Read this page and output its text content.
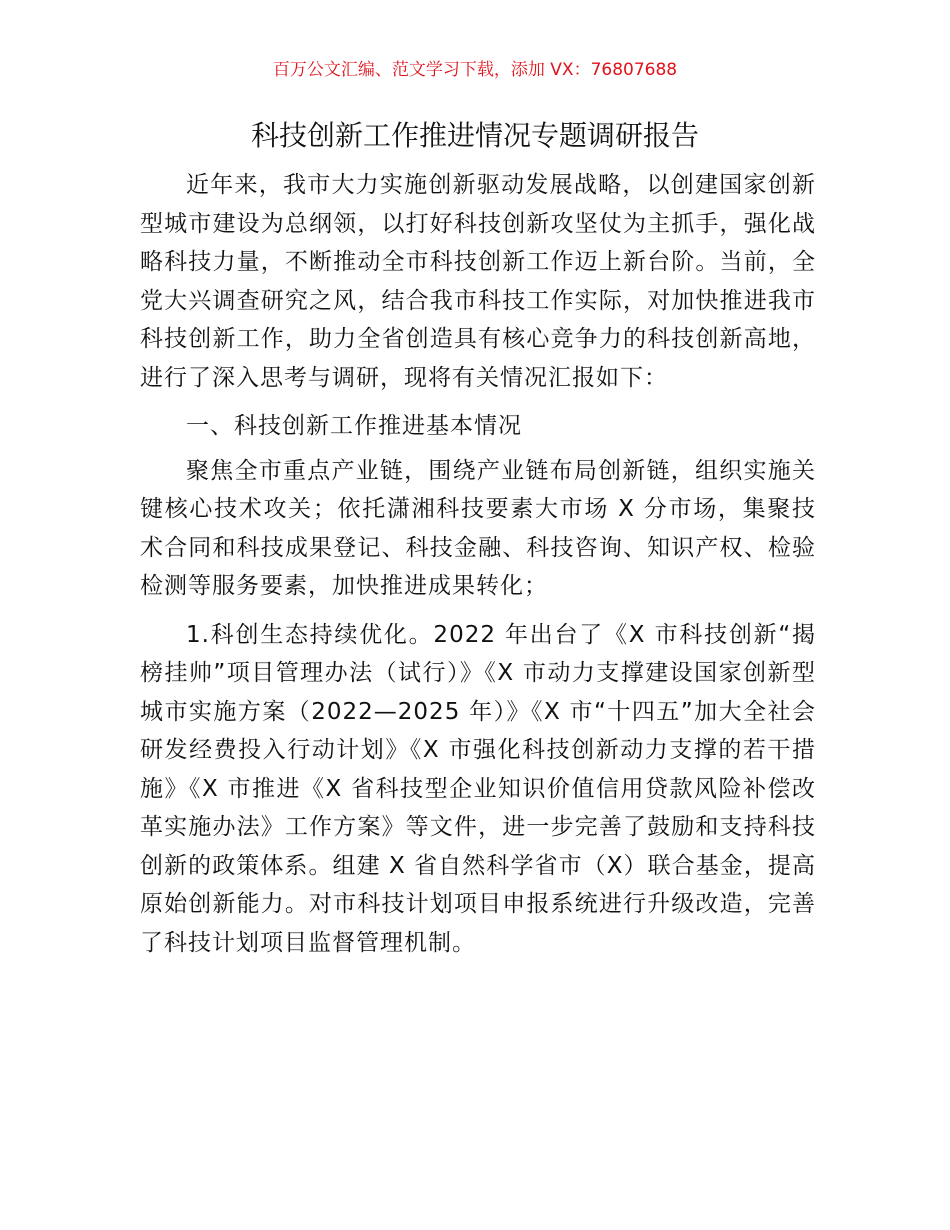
百万公文汇编、范文学习下载，添加 VX：76807688
科技创新工作推进情况专题调研报告

近年来，我市大力实施创新驱动发展战略，以创建国家创新型城市建设为总纲领，以打好科技创新攻坚仗为主抓手，强化战略科技力量，不断推动全市科技创新工作迈上新台阶。当前，全党大兴调查研究之风，结合我市科技工作实际，对加快推进我市科技创新工作，助力全省创造具有核心竞争力的科技创新高地，进行了深入思考与调研，现将有关情况汇报如下：

一、科技创新工作推进基本情况

聚焦全市重点产业链，围绕产业链布局创新链，组织实施关键核心技术攻关；依托潇湘科技要素大市场 X 分市场，集聚技术合同和科技成果登记、科技金融、科技咨询、知识产权、检验检测等服务要素，加快推进成果转化；

1.科创生态持续优化。2022 年出台了《X 市科技创新“揭榜挂帅”项目管理办法（试行）》《X 市动力支撑建设国家创新型城市实施方案（2022—2025 年）》《X 市“十四五”加大全社会研发经费投入行动计划》《X 市强化科技创新动力支撑的若干措施》《X 市推进《X 省科技型企业知识价值信用贷款风险补偿改革实施办法》工作方案》等文件，进一步完善了鼓励和支持科技创新的政策体系。组建 X 省自然科学省市（X）联合基金，提高原始创新能力。对市科技计划项目申报系统进行升级改造，完善了科技计划项目监督管理机制。
